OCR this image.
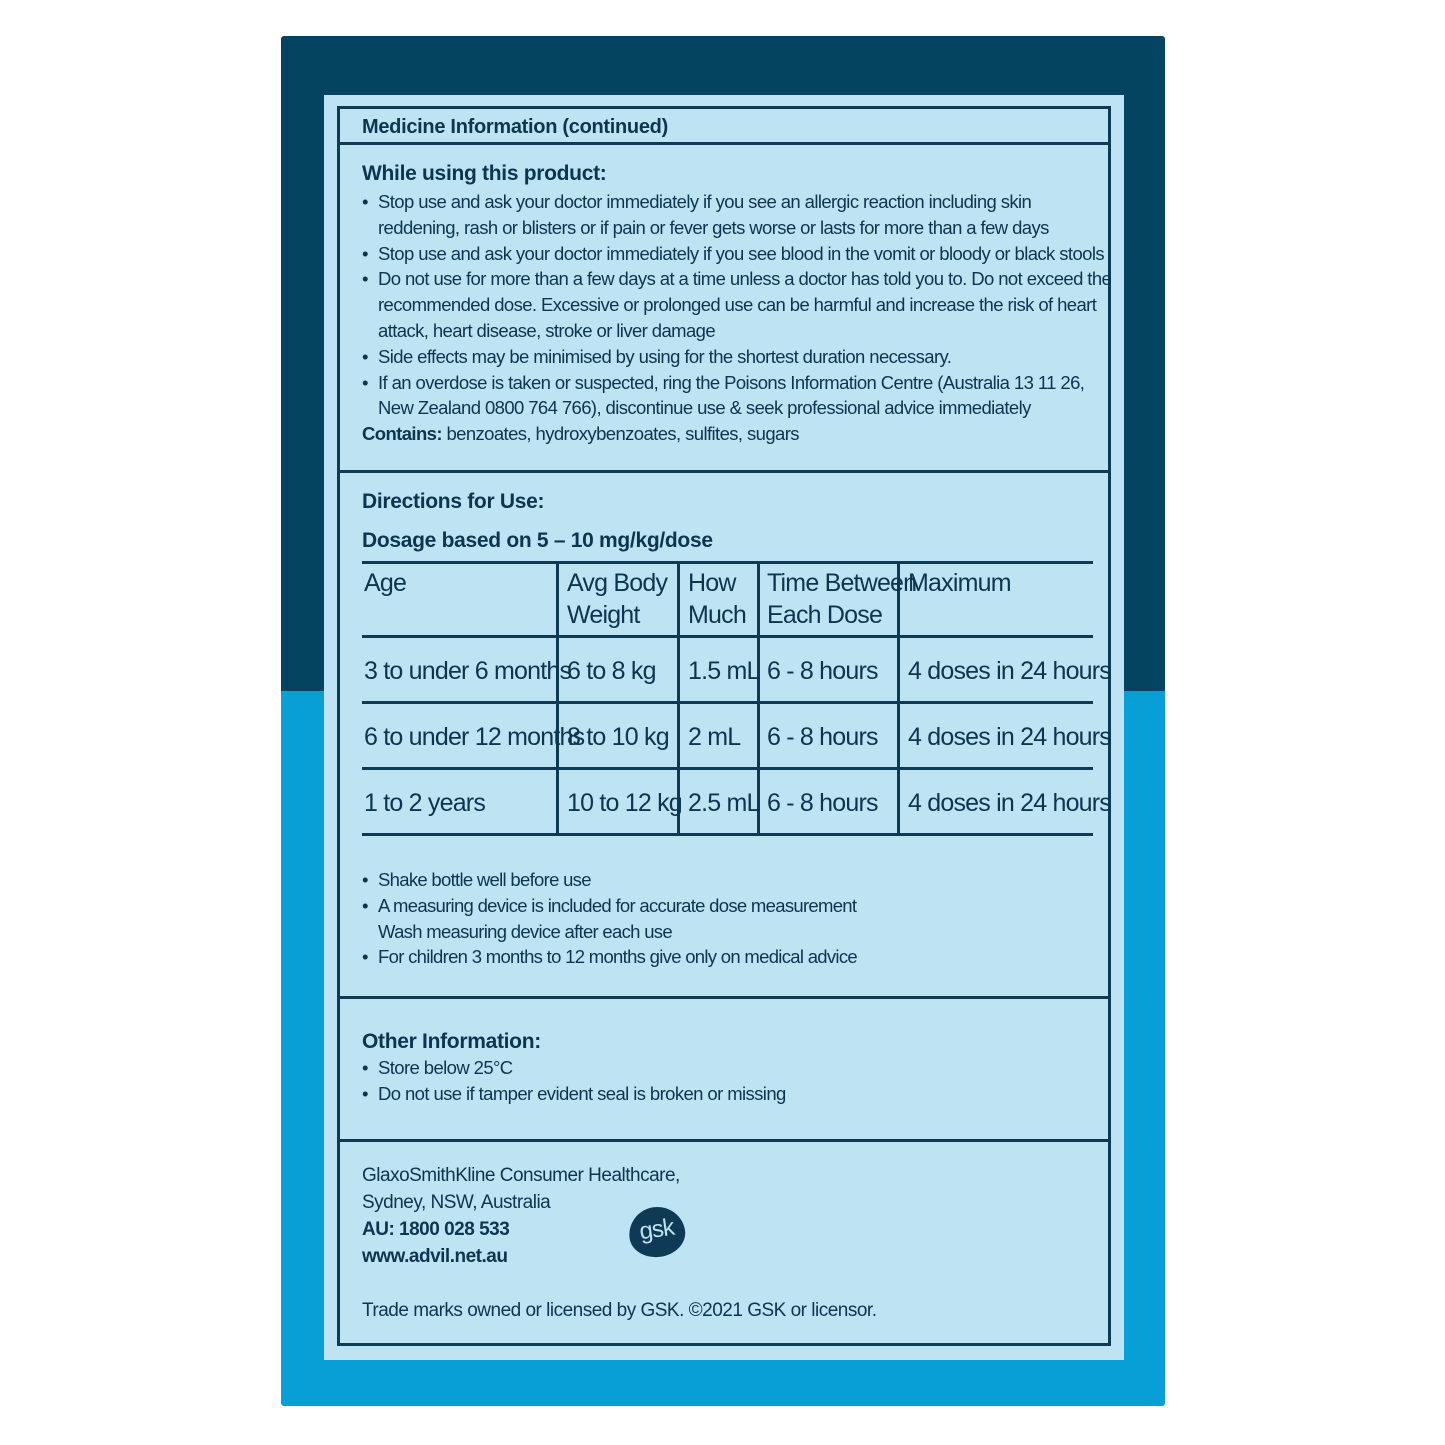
Medicine Information (continued)
While using this product:
• Stop use and ask your doctor immediately if you see an allergic reaction including skin
reddening, rash or blisters or if pain or fever gets worse or lasts for more than a few days
• Stop use and ask your doctor immediately if you see blood in the vomit or bloody or black stools
• Do not use for more than a few days at a time unless a doctor has told you to. Do not exceed the
recommended dose. Excessive or prolonged use can be harmful and increase the risk of heart
attack, heart disease, stroke or liver damage
• Side effects may be minimised by using for the shortest duration necessary.
• If an overdose is taken or suspected, ring the Poisons Information Centre (Australia 13 11 26,
New Zealand 0800 764 766), discontinue use & seek professional advice immediately
Contains: benzoates, hydroxybenzoates, sulfites, sugars
Directions for Use:
Dosage based on 5 – 10 mg/kg/dose
Age	Avg Body
Weight
How
Much
Time Between
Each Dose
Maximum
3 to under 6 months
6 to 8 kg 1.5 mL 6 - 8 hours 4 doses in 24 hours
6 to under 12 months
8 to 10 kg 2 mL 6 - 8 hours 4 doses in 24 hours
1 to 2 years	10 to 12 kg 2.5 mL 6 - 8 hours 4 doses in 24 hours
• Shake bottle well before use
• A measuring device is included for accurate dose measurement
Wash measuring device after each use
• For children 3 months to 12 months give only on medical advice
Other Information:
• Store below 25°C
• Do not use if tamper evident seal is broken or missing
GlaxoSmithKline Consumer Healthcare,
Sydney, NSW, Australia
AU: 1800 028 533
www.advil.net.au
gsk
Trade marks owned or licensed by GSK. ©2021 GSK or licensor.
